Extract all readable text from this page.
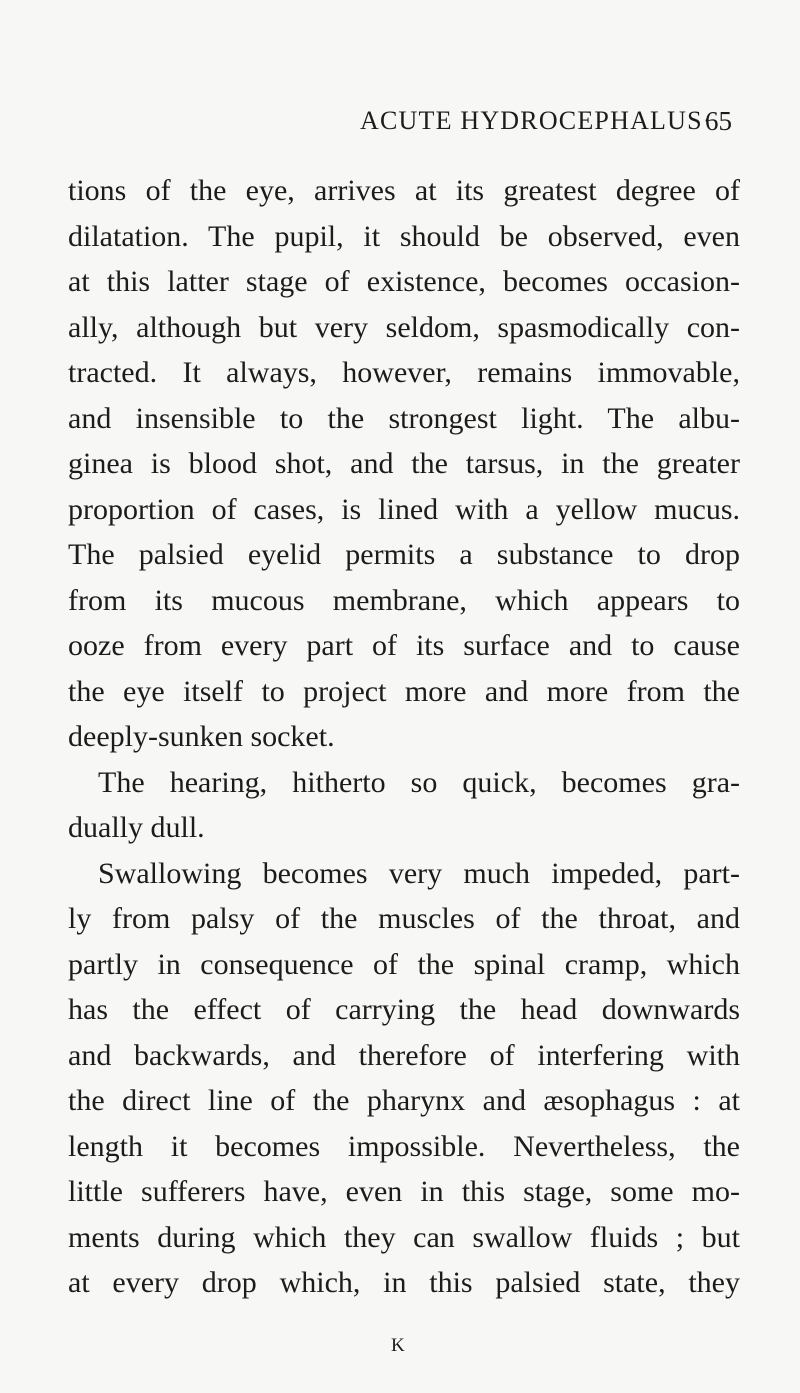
ACUTE HYDROCEPHALUS·
65
tions of the eye, arrives at its greatest degree of
dilatation. The pupil, it should be observed, even
at this latter stage of existence, becomes occasion-
ally, although but very seldom, spasmodically con-
tracted. It always, however, remains immovable,
and insensible to the strongest light. The albu-
ginea is blood shot, and the tarsus, in the greater
proportion of cases, is lined with a yellow mucus.
The palsied eyelid permits a substance to drop
from its mucous membrane, which appears to
ooze from every part of its surface and to cause
the eye itself to project more and more from the
deeply-sunken socket.
The hearing, hitherto so quick, becomes gra-
dually dull.
Swallowing becomes very much impeded, part-
ly from palsy of the muscles of the throat, and
partly in consequence of the spinal cramp, which
has the effect of carrying the head downwards
and backwards, and therefore of interfering with
the direct line of the pharynx and æsophagus : at
length it becomes impossible. Nevertheless, the
little sufferers have, even in this stage, some mo-
ments during which they can swallow fluids ; but
at every drop which, in this palsied state, they
K
